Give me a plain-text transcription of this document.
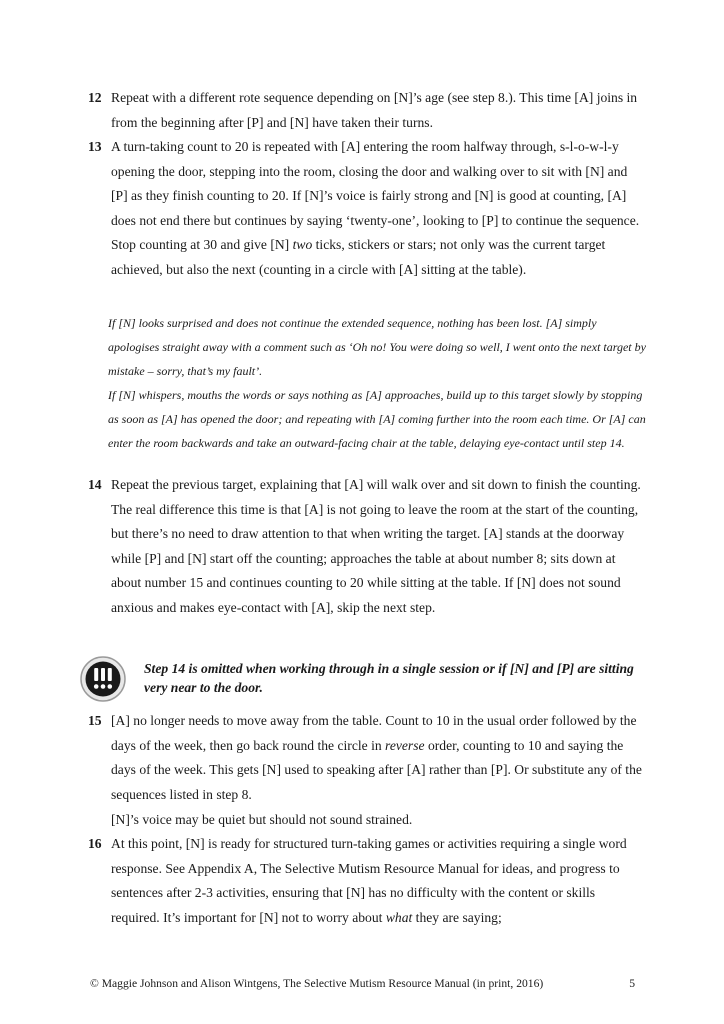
12 Repeat with a different rote sequence depending on [N]’s age (see step 8.). This time [A] joins in from the beginning after [P] and [N] have taken their turns.
13 A turn-taking count to 20 is repeated with [A] entering the room halfway through, s-l-o-w-l-y opening the door, stepping into the room, closing the door and walking over to sit with [N] and [P] as they finish counting to 20. If [N]’s voice is fairly strong and [N] is good at counting, [A] does not end there but continues by saying ‘twenty-one’, looking to [P] to continue the sequence. Stop counting at 30 and give [N] two ticks, stickers or stars; not only was the current target achieved, but also the next (counting in a circle with [A] sitting at the table).
If [N] looks surprised and does not continue the extended sequence, nothing has been lost. [A] simply apologises straight away with a comment such as ‘Oh no! You were doing so well, I went onto the next target by mistake – sorry, that’s my fault’.
If [N] whispers, mouths the words or says nothing as [A] approaches, build up to this target slowly by stopping as soon as [A] has opened the door; and repeating with [A] coming further into the room each time. Or [A] can enter the room backwards and take an outward-facing chair at the table, delaying eye-contact until step 14.
14 Repeat the previous target, explaining that [A] will walk over and sit down to finish the counting. The real difference this time is that [A] is not going to leave the room at the start of the counting, but there’s no need to draw attention to that when writing the target. [A] stands at the doorway while [P] and [N] start off the counting; approaches the table at about number 8; sits down at about number 15 and continues counting to 20 while sitting at the table. If [N] does not sound anxious and makes eye-contact with [A], skip the next step.
Step 14 is omitted when working through in a single session or if [N] and [P] are sitting very near to the door.
15 [A] no longer needs to move away from the table. Count to 10 in the usual order followed by the days of the week, then go back round the circle in reverse order, counting to 10 and saying the days of the week. This gets [N] used to speaking after [A] rather than [P]. Or substitute any of the sequences listed in step 8.
[N]’s voice may be quiet but should not sound strained.
16 At this point, [N] is ready for structured turn-taking games or activities requiring a single word response. See Appendix A, The Selective Mutism Resource Manual for ideas, and progress to sentences after 2-3 activities, ensuring that [N] has no difficulty with the content or skills required. It’s important for [N] not to worry about what they are saying;
© Maggie Johnson and Alison Wintgens, The Selective Mutism Resource Manual (in print, 2016)	5
